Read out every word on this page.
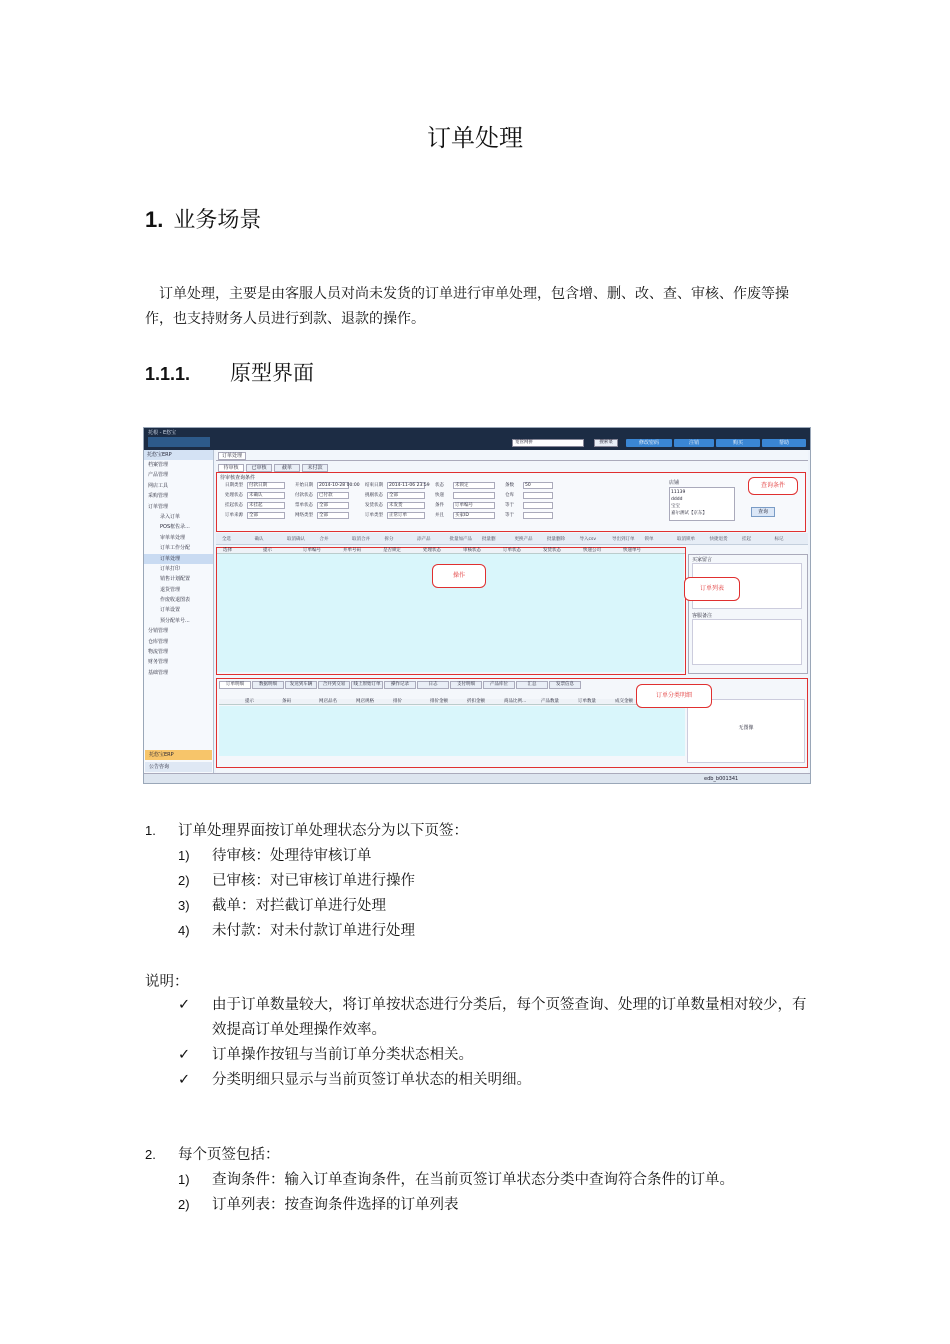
订单处理
1. 业务场景
订单处理，主要是由客服人员对尚未发货的订单进行审单处理，包含增、删、改、查、审核、作废等操作，也支持财务人员进行到款、退款的操作。
1.1.1. 原型界面
托根 - E悠宝
宽管网拼	搜索菜	修改密码	注销	购买	帮助
托悠宝ERP
档案管理
产品管理
网店工具
采购管理
订单管理
录入订单
POS框佐录...
审单单处理
订单工作分配
订单处理
订单打印
销售计划配置
退货管理
作废收退图表
订单设置
预分配单号...
分销管理
仓库管理
物流管理
财务管理
基础管理
托悠宝ERP
公告咨询
订单处理
待审核	已审核	截单	未付款
待审核查询条件
日期类型	付款日期	开始日期	2014-10-28 00:00 结束日期	2014-11-06 23:59 状态	未锁定	条数	50
处理状态	未确认	付款状态	已付款	挑剔状态	全部	快递	仓库
挂起状态	未挂起	票单状态	全部	发货状态	未发货	条件	订单编号	等于
订单来源	全部	网络类型	全部	订单类型	正常订单	并且	买家ID	等于
店铺
11139
dddd
宝宝
嘉尔测试【京东】	查询
查询条件
全选	确认	取消确认	合并	取消合并	拆分	添产品	批量加产品 批量删	更换产品	批量删除	导入csv	导出到订单 锁单	取消锁单	快捷退货	挂起	标记
选择	提示	订单编号	并单号码	是否锁定	处理状态	审核状态	订单状态	发货状态	快递公司	快递单号
买家留言
客服备注
操作
订单列表
订单明细	数据明细	发送到车辆	合并到交易	线上原始订单	操作记录	日志	支付明细	产品库位	汇总	发票信息
提示	条码	网店品名	网店规格	排价	排价金额	折扣金额	商品比例...	产品数量	订单数量	成交金额
无图像
订单分类明细
edb_b001341
1. 订单处理界面按订单处理状态分为以下页签：
1) 待审核：处理待审核订单
2) 已审核：对已审核订单进行操作
3) 截单：对拦截订单进行处理
4) 未付款：对未付款订单进行处理
说明：
✓ 由于订单数量较大，将订单按状态进行分类后，每个页签查询、处理的订单数量相对较少，有效提高订单处理操作效率。
✓ 订单操作按钮与当前订单分类状态相关。
✓ 分类明细只显示与当前页签订单状态的相关明细。
2. 每个页签包括：
1) 查询条件：输入订单查询条件，在当前页签订单状态分类中查询符合条件的订单。
2) 订单列表：按查询条件选择的订单列表
